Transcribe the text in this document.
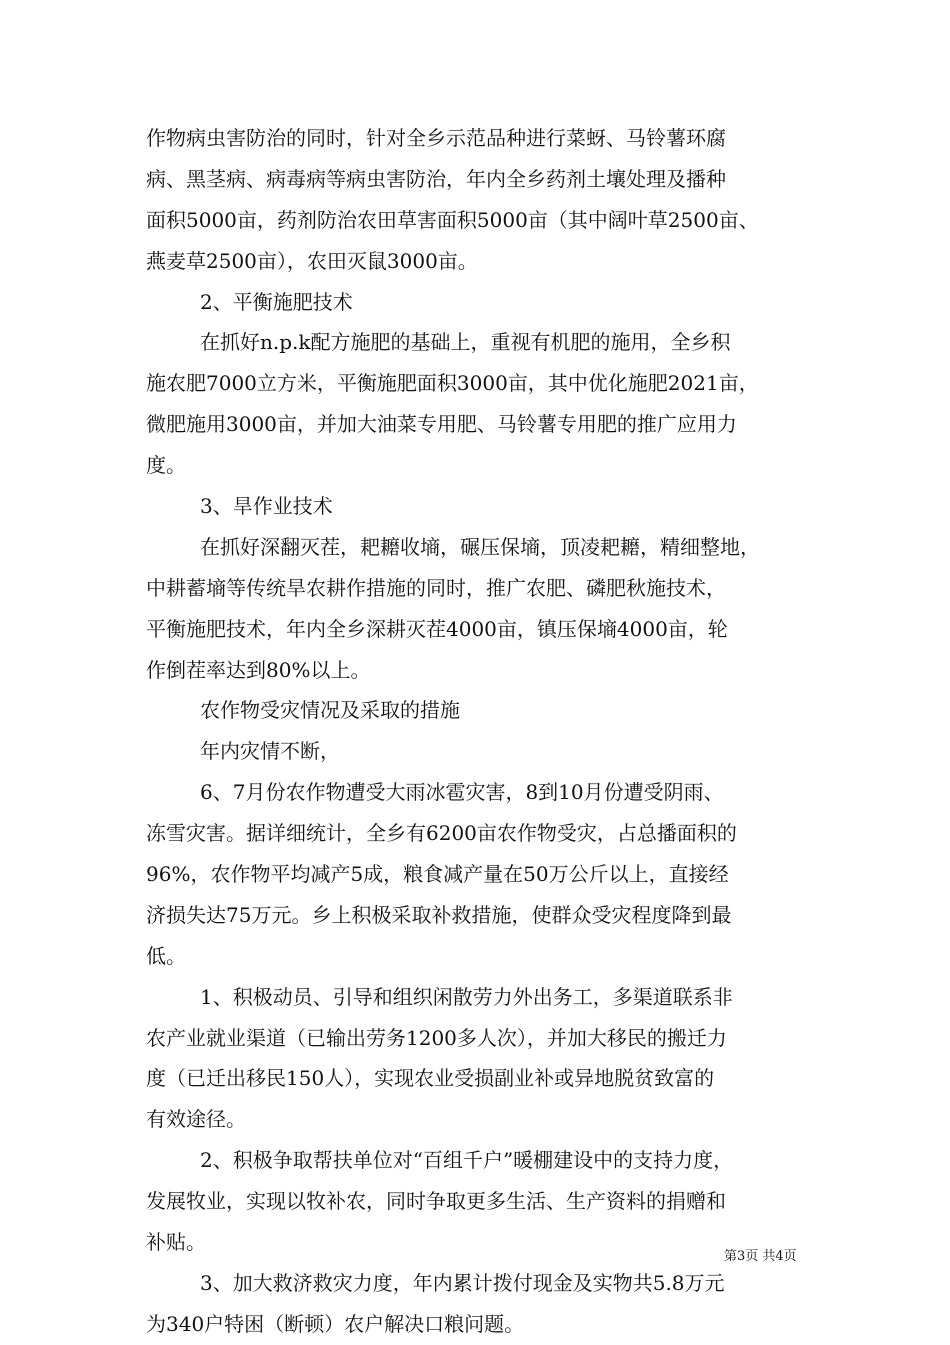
作物病虫害防治的同时，针对全乡示范品种进行菜蚜、马铃薯环腐
病、黑茎病、病毒病等病虫害防治，年内全乡药剂土壤处理及播种
面积5000亩，药剂防治农田草害面积5000亩（其中阔叶草2500亩、
燕麦草2500亩），农田灭鼠3000亩。
2、平衡施肥技术
在抓好n.p.k配方施肥的基础上，重视有机肥的施用，全乡积
施农肥7000立方米，平衡施肥面积3000亩，其中优化施肥2021亩，
微肥施用3000亩，并加大油菜专用肥、马铃薯专用肥的推广应用力
度。
3、旱作业技术
在抓好深翻灭茬，耙耱收墒，碾压保墒，顶凌耙耱，精细整地，
中耕蓄墒等传统旱农耕作措施的同时，推广农肥、磷肥秋施技术，
平衡施肥技术，年内全乡深耕灭茬4000亩，镇压保墒4000亩，轮
作倒茬率达到80%以上。
农作物受灾情况及采取的措施
年内灾情不断，
6、7月份农作物遭受大雨冰雹灾害，8到10月份遭受阴雨、
冻雪灾害。据详细统计，全乡有6200亩农作物受灾，占总播面积的
96%，农作物平均减产5成，粮食减产量在50万公斤以上，直接经
济损失达75万元。乡上积极采取补救措施，使群众受灾程度降到最
低。
1、积极动员、引导和组织闲散劳力外出务工，多渠道联系非
农产业就业渠道（已输出劳务1200多人次），并加大移民的搬迁力
度（已迁出移民150人），实现农业受损副业补或异地脱贫致富的
有效途径。
2、积极争取帮扶单位对“百组千户”暖棚建设中的支持力度，
发展牧业，实现以牧补农，同时争取更多生活、生产资料的捐赠和
补贴。
3、加大救济救灾力度，年内累计拨付现金及实物共5.8万元
为340户特困（断顿）农户解决口粮问题。
第3页 共4页
